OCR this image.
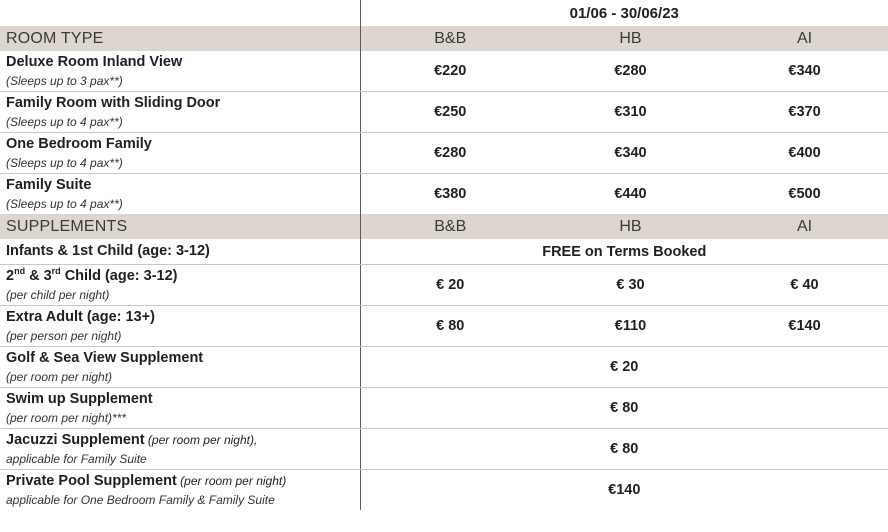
	01/06 - 30/06/23		
ROOM TYPE	B&B	HB	AI

Deluxe Room Inland View
(Sleeps up to 3 pax**)	€220	€280	€340

Family Room with Sliding Door
(Sleeps up to 4 pax**)	€250	€310	€370

One Bedroom Family
(Sleeps up to 4 pax**)	€280	€340	€400

Family Suite
(Sleeps up to 4 pax**)	€380	€440	€500
SUPPLEMENTS	B&B	HB	AI

Infants & 1st Child (age: 3-12)	FREE on Terms Booked		

2nd & 3rd Child (age: 3-12)
(per child per night)	€ 20	€ 30	€ 40

Extra Adult (age: 13+)
(per person per night)	€ 80	€110	€140

Golf & Sea View Supplement
(per room per night)	€ 20		

Swim up Supplement
(per room per night)***	€ 80		

Jacuzzi Supplement (per room per night),
applicable for Family Suite	€ 80		

Private Pool Supplement (per room per night)
applicable for One Bedroom Family & Family Suite	€140		
